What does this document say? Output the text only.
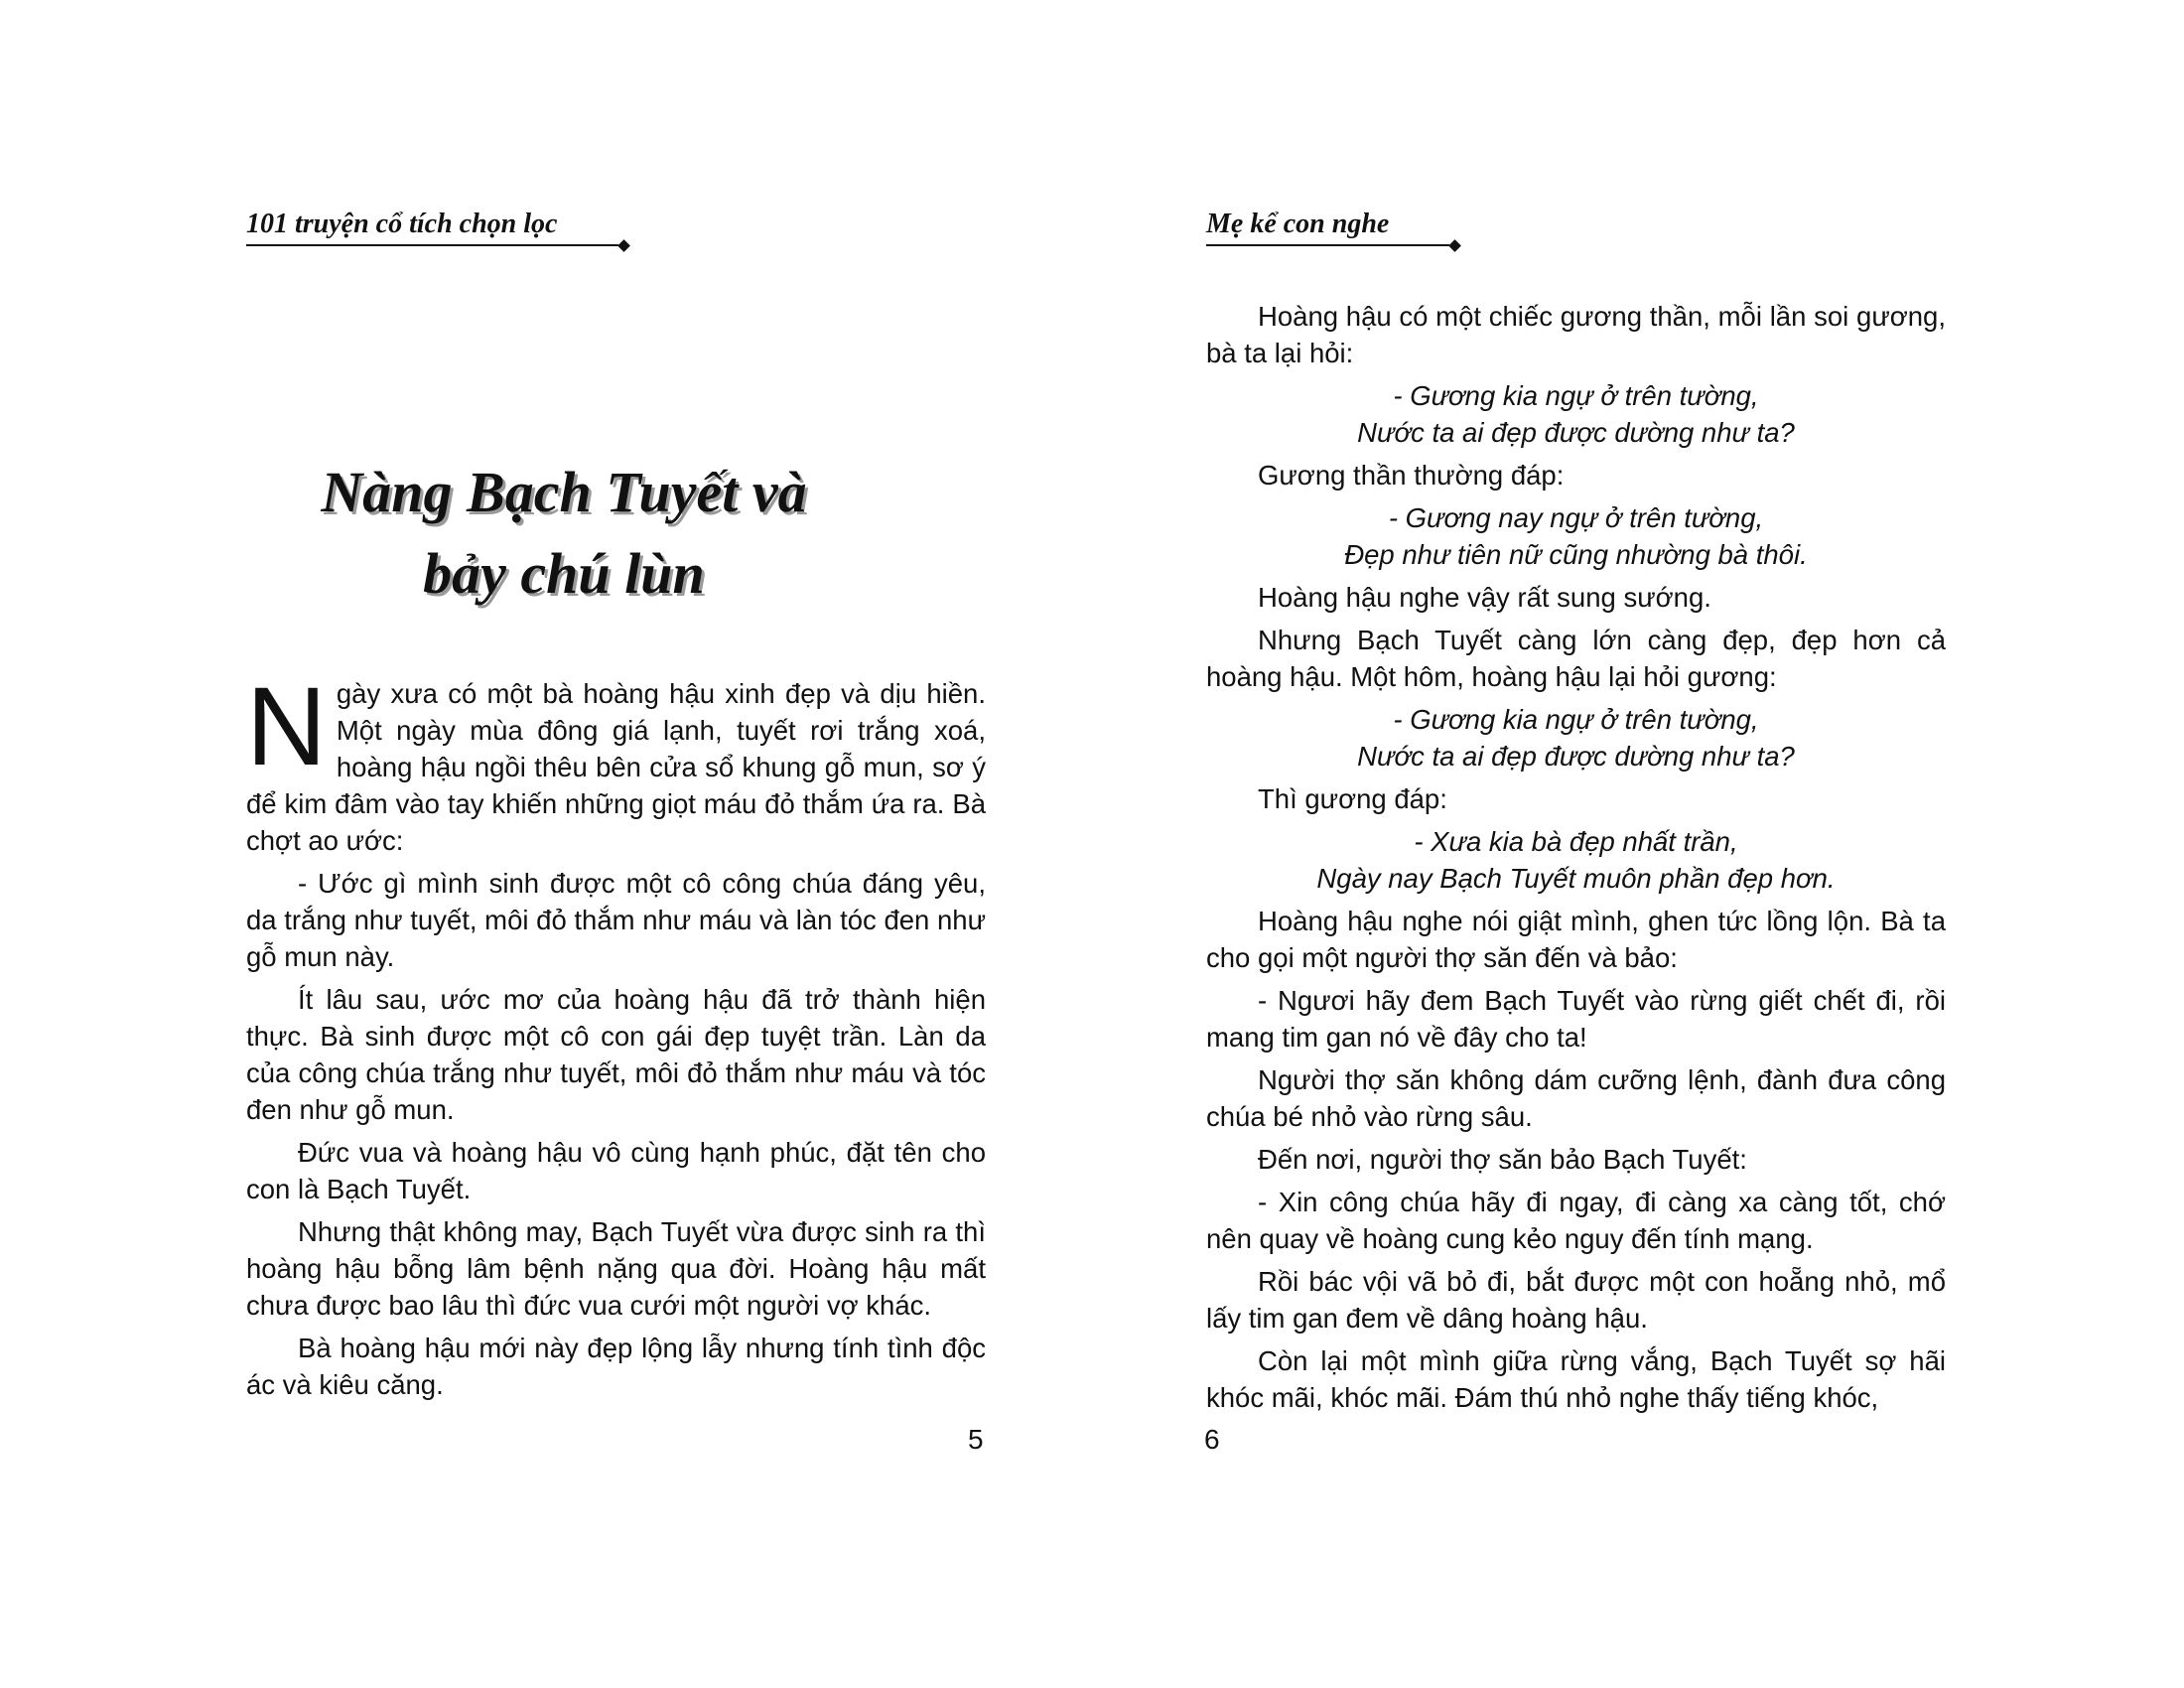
101 truyện cổ tích chọn lọc
Nàng Bạch Tuyết và
bảy chú lùn

Ngày xưa có một bà hoàng hậu xinh đẹp và dịu hiền. Một ngày mùa đông giá lạnh, tuyết rơi trắng xoá, hoàng hậu ngồi thêu bên cửa sổ khung gỗ mun, sơ ý để kim đâm vào tay khiến những giọt máu đỏ thắm ứa ra. Bà chợt ao ước:

- Ước gì mình sinh được một cô công chúa đáng yêu, da trắng như tuyết, môi đỏ thắm như máu và làn tóc đen như gỗ mun này.

Ít lâu sau, ước mơ của hoàng hậu đã trở thành hiện thực. Bà sinh được một cô con gái đẹp tuyệt trần. Làn da của công chúa trắng như tuyết, môi đỏ thắm như máu và tóc đen như gỗ mun.

Đức vua và hoàng hậu vô cùng hạnh phúc, đặt tên cho con là Bạch Tuyết.

Nhưng thật không may, Bạch Tuyết vừa được sinh ra thì hoàng hậu bỗng lâm bệnh nặng qua đời. Hoàng hậu mất chưa được bao lâu thì đức vua cưới một người vợ khác.

Bà hoàng hậu mới này đẹp lộng lẫy nhưng tính tình độc ác và kiêu căng.

5
Mẹ kể con nghe

Hoàng hậu có một chiếc gương thần, mỗi lần soi gương, bà ta lại hỏi:

- Gương kia ngự ở trên tường,
Nước ta ai đẹp được dường như ta?

Gương thần thường đáp:

- Gương nay ngự ở trên tường,
Đẹp như tiên nữ cũng nhường bà thôi.

Hoàng hậu nghe vậy rất sung sướng.

Nhưng Bạch Tuyết càng lớn càng đẹp, đẹp hơn cả hoàng hậu. Một hôm, hoàng hậu lại hỏi gương:

- Gương kia ngự ở trên tường,
Nước ta ai đẹp được dường như ta?

Thì gương đáp:

- Xưa kia bà đẹp nhất trần,
Ngày nay Bạch Tuyết muôn phần đẹp hơn.

Hoàng hậu nghe nói giật mình, ghen tức lồng lộn. Bà ta cho gọi một người thợ săn đến và bảo:

- Ngươi hãy đem Bạch Tuyết vào rừng giết chết đi, rồi mang tim gan nó về đây cho ta!

Người thợ săn không dám cưỡng lệnh, đành đưa công chúa bé nhỏ vào rừng sâu.

Đến nơi, người thợ săn bảo Bạch Tuyết:

- Xin công chúa hãy đi ngay, đi càng xa càng tốt, chớ nên quay về hoàng cung kẻo nguy đến tính mạng.

Rồi bác vội vã bỏ đi, bắt được một con hoẵng nhỏ, mổ lấy tim gan đem về dâng hoàng hậu.

Còn lại một mình giữa rừng vắng, Bạch Tuyết sợ hãi khóc mãi, khóc mãi. Đám thú nhỏ nghe thấy tiếng khóc,

6
